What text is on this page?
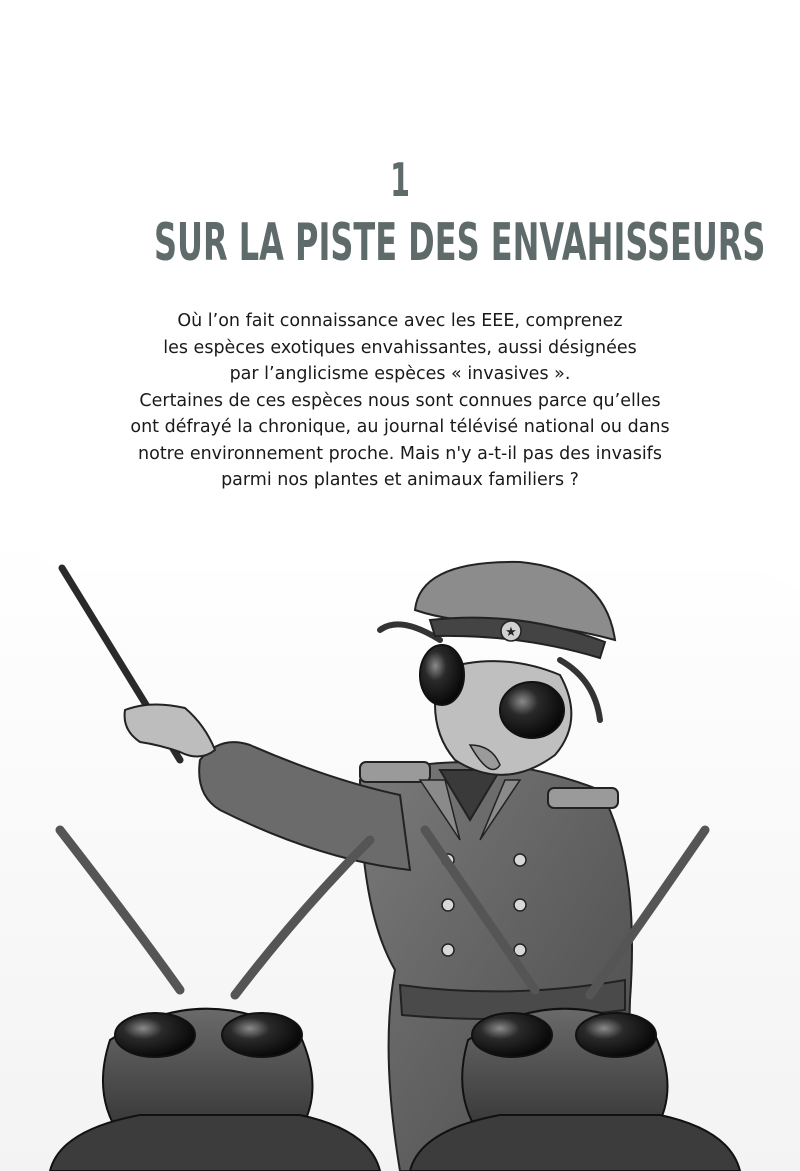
1
SUR LA PISTE DES ENVAHISSEURS
Où l’on fait connaissance avec les EEE, comprenez
les espèces exotiques envahissantes, aussi désignées
par l’anglicisme espèces « invasives ».
Certaines de ces espèces nous sont connues parce qu’elles
ont défrayé la chronique, au journal télévisé national ou dans
notre environnement proche. Mais n'y a-t-il pas des invasifs
parmi nos plantes et animaux familiers ?
★
